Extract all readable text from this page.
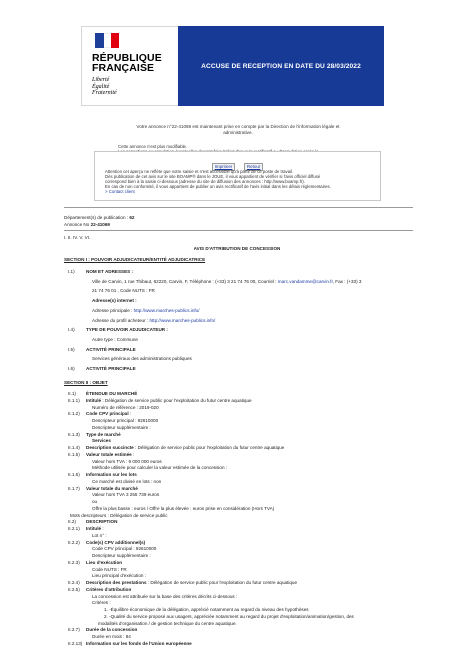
RÉPUBLIQUE
FRANÇAISE
Liberté
Égalité
Fraternité
ACCUSE DE RECEPTION EN DATE DU 28/03/2022
Votre annonce n°22-41069 est maintenant prise en compte par la Direction de l'information légale et
administrative.
Cette annonce n'est plus modifiable.
Imprimer	Retour
Attention cet aperçu ne reflète que votre saisie et n'est accessible qu'à partir de ce poste de travail.
Dès publication de cet avis sur le site BOAMP® dans le JOUE, il vous appartient de vérifier si l'avis officiel diffusé
correspond bien à la saisie ci-dessous (adresse du site de diffusion des annonces : http://www.boamp.fr).
En cas de non conformité, il vous appartient de publier un avis rectificatif de l'avis initial dans les délais réglementaires.
> Contact client
Département(s) de publication : 62
Annonce No 22-41069
I. II. IV. V. VI.
AVIS D'ATTRIBUTION DE CONCESSION
SECTION I : POUVOIR ADJUDICATEUR/ENTITÉ ADJUDICATRICE
SECTION II : OBJET
I.1) NOM ET ADRESSES :
Ville de Carvin, 1 rue Thibaut, 62220, Carvin, F, Téléphone : (+33) 3 21 74 76 00, Courriel : marc.vandamme@carvin.fr, Fax : (+33) 3
21 74 76 01 , Code NUTS : FR
Adresse(s) internet :
Adresse principale : http://www.marches-publics.info/
Adresse du profil acheteur : http://www.marches-publics.info/
I.4) TYPE DE POUVOIR ADJUDICATEUR :
Autre type : Commune
I.5) ACTIVITÉ PRINCIPALE
Services généraux des administrations publiques
I.6) ACTIVITÉ PRINCIPALE
II.1) ÉTENDUE DU MARCHÉ
II.1.1) Intitulé : Délégation de service public pour l'exploitation du futur centre aquatique
Numéro de référence : 2019-020
II.1.2) Code CPV principal :
Descripteur principal : 92610000
Descripteur supplémentaire :
II.1.3) Type de marché
Services
II.1.4) Description succincte : Délégation de service public pour l'exploitation du futur centre aquatique
II.1.5) Valeur totale estimée :
Valeur hors TVA : 9 000 000 euros
Méthode utilisée pour calculer la valeur estimée de la concession :
II.1.6) Information sur les lots
Ce marché est divisé en lots : non
II.1.7) Valeur totale du marché
Valeur hors TVA 3 255 739 euros
ou
Offre la plus basse : euros / Offre la plus élevée : euros prise en considération (Hors TVA)
Mots descripteurs : Délégation de service public
II.2) DESCRIPTION
II.2.1) Intitulé :
Lot n° :
II.2.2) Code(s) CPV additionnel(s)
Code CPV principal : 92610000
Descripteur supplémentaire :
II.2.3) Lieu d'exécution
Code NUTS : FR
Lieu principal d'exécution :
II.2.4) Description des prestations : Délégation de service public pour l'exploitation du futur centre aquatique
II.2.5) Critères d'attribution
La concession est attribuée sur la base des critères décrits ci-dessous :
Critères :
1. -Équilibre économique de la délégation, apprécié notamment au regard du niveau des hypothèses
2. -Qualité du service proposé aux usagers, appréciée notamment au regard du projet d'exploitation/animation/gestion, des
modalités d'organisation / de gestion technique du centre aquatique.
II.2.7) Durée de la concession
Durée en mois : 84
II.2.13) Information sur les fonds de l'Union européenne
